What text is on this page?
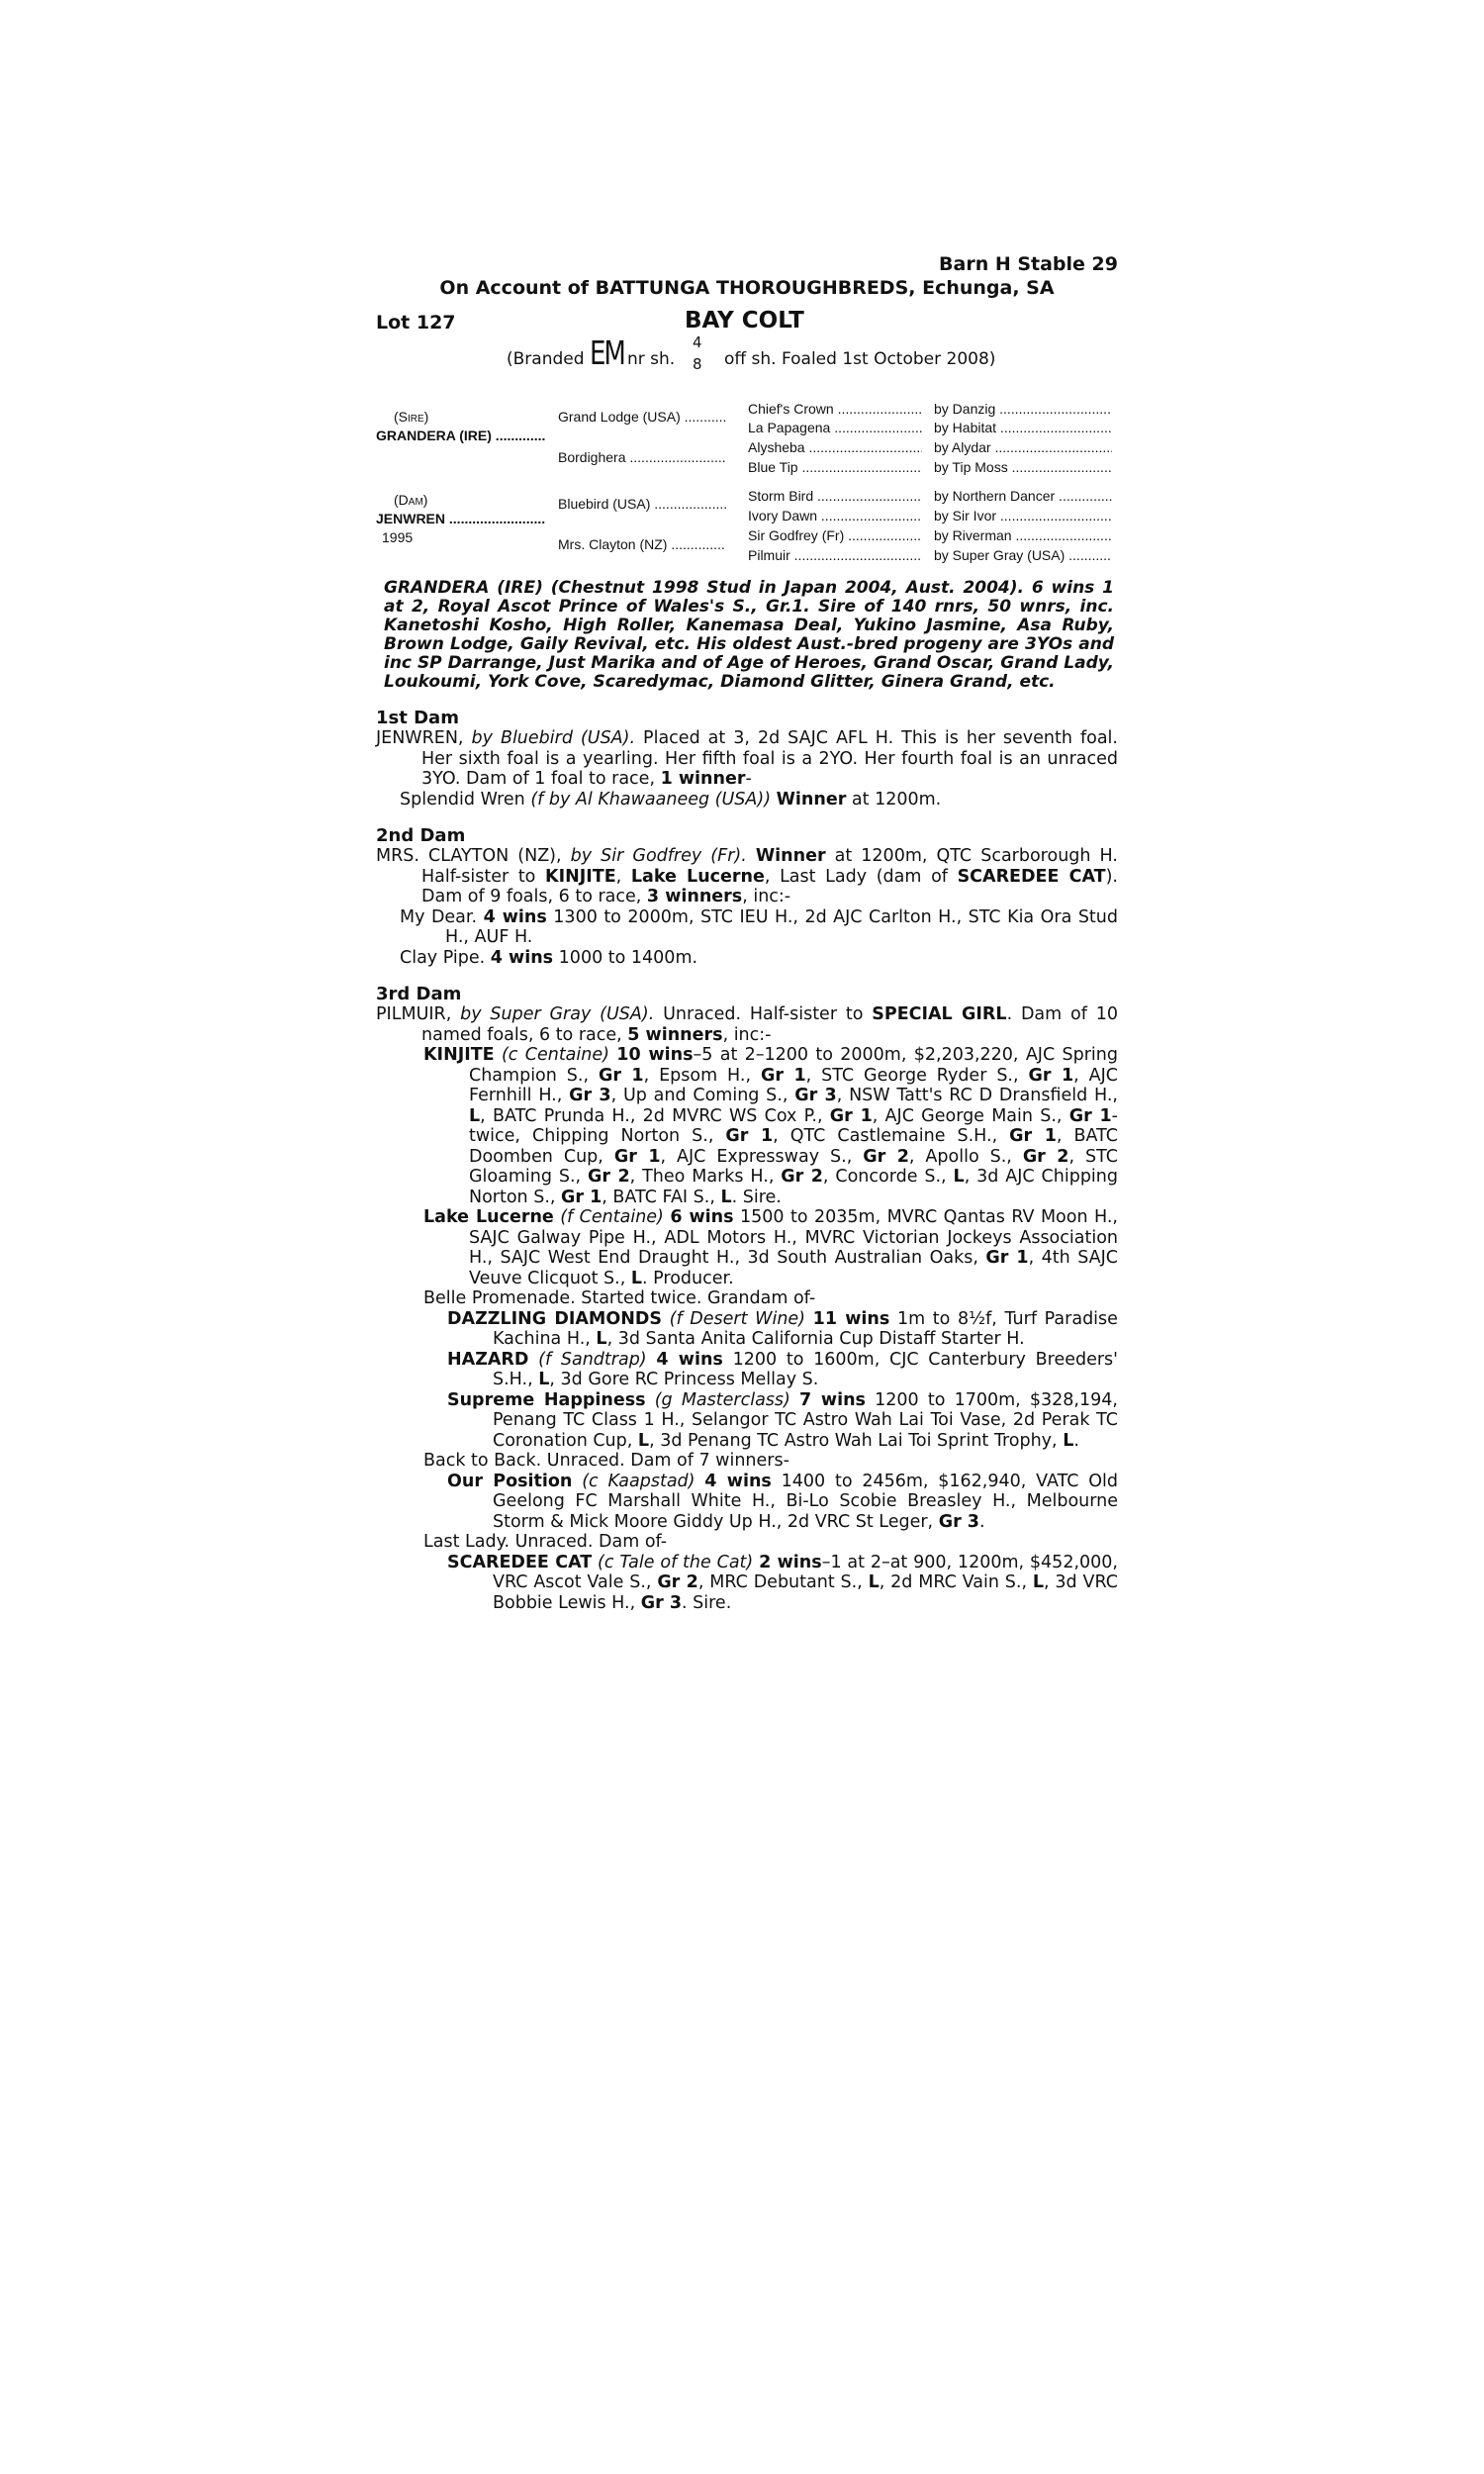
Barn H Stable 29
On Account of BATTUNGA THOROUGHBREDS, Echunga, SA
Lot 127	BAY COLT
(Branded EM nr sh.
4
8 off sh. Foaled 1st October 2008)
(Sire)
GRANDERA (IRE) .....
(Dam)
JENWREN .....
1995
Grand Lodge (USA) .....
Bordighera .....
Bluebird (USA) .....
Mrs. Clayton (NZ) .....
Chief's Crown .....
La Papagena .....
Alysheba .....
Blue Tip .....
Storm Bird .....
Ivory Dawn .....
Sir Godfrey (Fr) .....
Pilmuir .....
by Danzig .....
by Habitat .....
by Alydar .....
by Tip Moss .....
by Northern Dancer .....
by Sir Ivor .....
by Riverman .....
by Super Gray (USA) .....
GRANDERA (IRE) (Chestnut 1998 Stud in Japan 2004, Aust. 2004). 6 wins 1 at 2, Royal Ascot Prince of Wales's S., Gr.1. Sire of 140 rnrs, 50 wnrs, inc. Kanetoshi Kosho, High Roller, Kanemasa Deal, Yukino Jasmine, Asa Ruby, Brown Lodge, Gaily Revival, etc. His oldest Aust.-bred progeny are 3YOs and inc SP Darrange, Just Marika and of Age of Heroes, Grand Oscar, Grand Lady, Loukoumi, York Cove, Scaredymac, Diamond Glitter, Ginera Grand, etc.
1st Dam
JENWREN, by Bluebird (USA). Placed at 3, 2d SAJC AFL H. This is her seventh foal. Her sixth foal is a yearling. Her fifth foal is a 2YO. Her fourth foal is an unraced 3YO. Dam of 1 foal to race, 1 winner-
Splendid Wren (f by Al Khawaaneeg (USA)) Winner at 1200m.
2nd Dam
MRS. CLAYTON (NZ), by Sir Godfrey (Fr). Winner at 1200m, QTC Scarborough H. Half-sister to KINJITE, Lake Lucerne, Last Lady (dam of SCAREDEE CAT). Dam of 9 foals, 6 to race, 3 winners, inc:-
My Dear. 4 wins 1300 to 2000m, STC IEU H., 2d AJC Carlton H., STC Kia Ora Stud H., AUF H.
Clay Pipe. 4 wins 1000 to 1400m.
3rd Dam
PILMUIR, by Super Gray (USA). Unraced. Half-sister to SPECIAL GIRL. Dam of 10 named foals, 6 to race, 5 winners, inc:-
KINJITE (c Centaine) 10 wins–5 at 2–1200 to 2000m, $2,203,220, AJC Spring Champion S., Gr 1, Epsom H., Gr 1, STC George Ryder S., Gr 1, AJC Fernhill H., Gr 3, Up and Coming S., Gr 3, NSW Tatt's RC D Dransfield H., L, BATC Prunda H., 2d MVRC WS Cox P., Gr 1, AJC George Main S., Gr 1-twice, Chipping Norton S., Gr 1, QTC Castlemaine S.H., Gr 1, BATC Doomben Cup, Gr 1, AJC Expressway S., Gr 2, Apollo S., Gr 2, STC Gloaming S., Gr 2, Theo Marks H., Gr 2, Concorde S., L, 3d AJC Chipping Norton S., Gr 1, BATC FAI S., L. Sire.
Lake Lucerne (f Centaine) 6 wins 1500 to 2035m, MVRC Qantas RV Moon H., SAJC Galway Pipe H., ADL Motors H., MVRC Victorian Jockeys Association H., SAJC West End Draught H., 3d South Australian Oaks, Gr 1, 4th SAJC Veuve Clicquot S., L. Producer.
Belle Promenade. Started twice. Grandam of-
DAZZLING DIAMONDS (f Desert Wine) 11 wins 1m to 8½f, Turf Paradise Kachina H., L, 3d Santa Anita California Cup Distaff Starter H.
HAZARD (f Sandtrap) 4 wins 1200 to 1600m, CJC Canterbury Breeders' S.H., L, 3d Gore RC Princess Mellay S.
Supreme Happiness (g Masterclass) 7 wins 1200 to 1700m, $328,194, Penang TC Class 1 H., Selangor TC Astro Wah Lai Toi Vase, 2d Perak TC Coronation Cup, L, 3d Penang TC Astro Wah Lai Toi Sprint Trophy, L.
Back to Back. Unraced. Dam of 7 winners-
Our Position (c Kaapstad) 4 wins 1400 to 2456m, $162,940, VATC Old Geelong FC Marshall White H., Bi-Lo Scobie Breasley H., Melbourne Storm & Mick Moore Giddy Up H., 2d VRC St Leger, Gr 3.
Last Lady. Unraced. Dam of-
SCAREDEE CAT (c Tale of the Cat) 2 wins–1 at 2–at 900, 1200m, $452,000, VRC Ascot Vale S., Gr 2, MRC Debutant S., L, 2d MRC Vain S., L, 3d VRC Bobbie Lewis H., Gr 3. Sire.
